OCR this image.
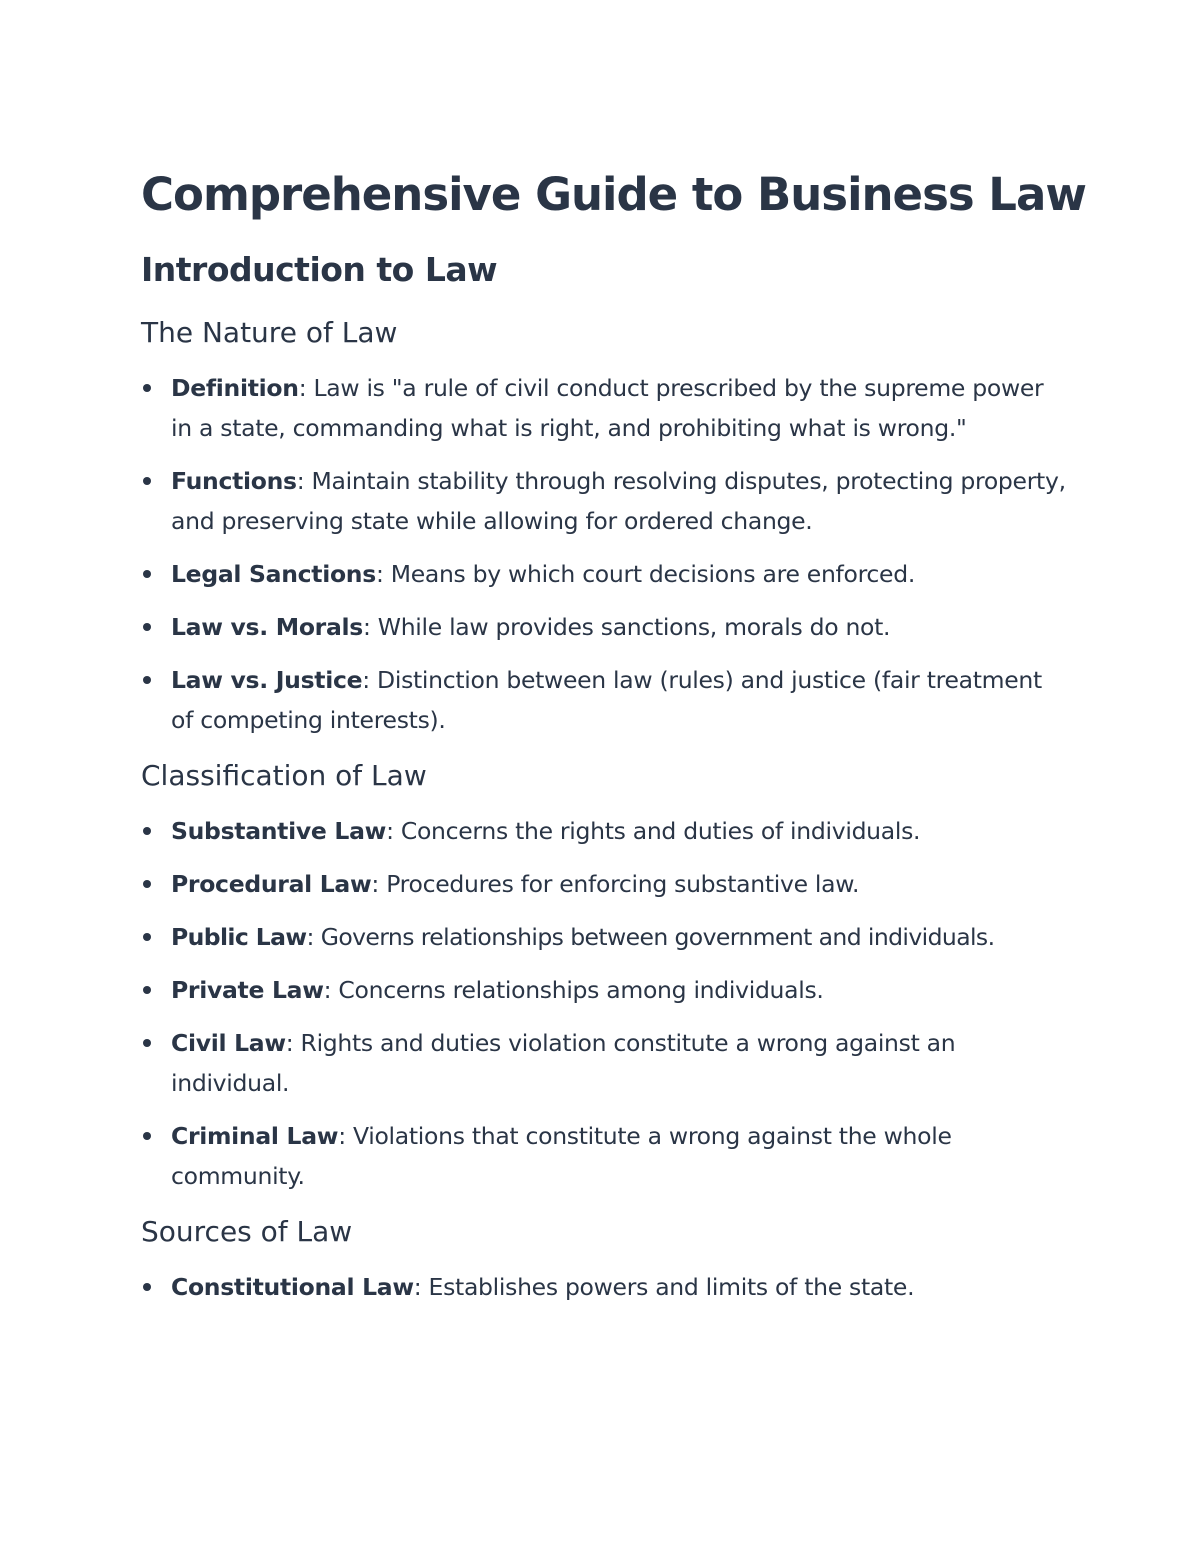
Comprehensive Guide to Business Law
Introduction to Law
The Nature of Law
Definition: Law is "a rule of civil conduct prescribed by the supreme power in a state, commanding what is right, and prohibiting what is wrong."
Functions: Maintain stability through resolving disputes, protecting property, and preserving state while allowing for ordered change.
Legal Sanctions: Means by which court decisions are enforced.
Law vs. Morals: While law provides sanctions, morals do not.
Law vs. Justice: Distinction between law (rules) and justice (fair treatment of competing interests).
Classification of Law
Substantive Law: Concerns the rights and duties of individuals.
Procedural Law: Procedures for enforcing substantive law.
Public Law: Governs relationships between government and individuals.
Private Law: Concerns relationships among individuals.
Civil Law: Rights and duties violation constitute a wrong against an individual.
Criminal Law: Violations that constitute a wrong against the whole community.
Sources of Law
Constitutional Law: Establishes powers and limits of the state.
